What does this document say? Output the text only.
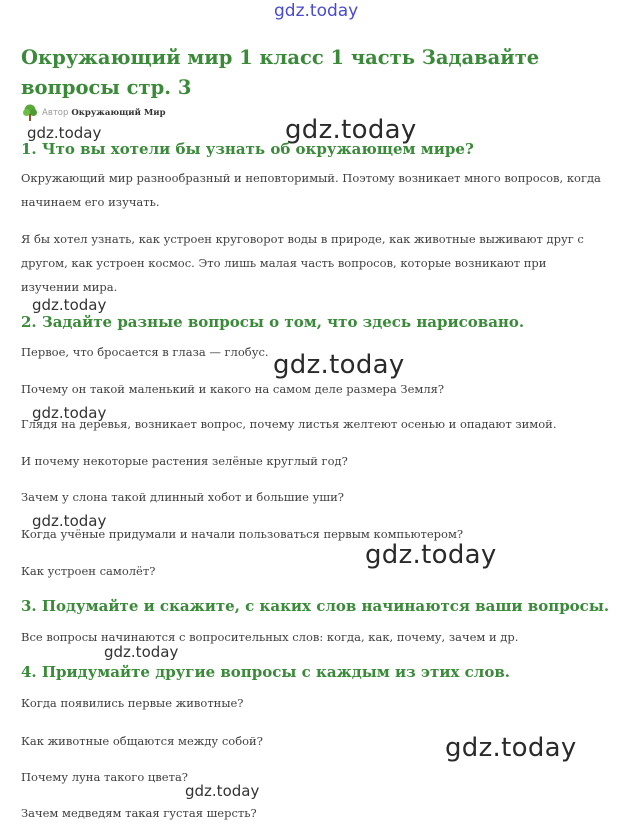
gdz.today
Окружающий мир 1 класс 1 часть Задавайте вопросы стр. 3
Автор Окружающий Мир
gdz.today	gdz.today
1. Что вы хотели бы узнать об окружающем мире?

Окружающий мир разнообразный и неповторимый. Поэтому возникает много вопросов, когда начинаем его изучать.

Я бы хотел узнать, как устроен круговорот воды в природе, как животные выживают друг с другом, как устроен космос. Это лишь малая часть вопросов, которые возникают при изучении мира.

gdz.today
2. Задайте разные вопросы о том, что здесь нарисовано.

Первое, что бросается в глаза — глобус. gdz.today

Почему он такой маленький и какого на самом деле размера Земля?

gdz.today

Глядя на деревья, возникает вопрос, почему листья желтеют осенью и опадают зимой.

И почему некоторые растения зелёные круглый год?

Зачем у слона такой длинный хобот и большие уши?

gdz.today

Когда учёные придумали и начали пользоваться первым компьютером?

gdz.today

Как устроен самолёт?

3. Подумайте и скажите, с каких слов начинаются ваши вопросы.

Все вопросы начинаются с вопросительных слов: когда, как, почему, зачем и др.

gdz.today
4. Придумайте другие вопросы с каждым из этих слов.

Когда появились первые животные?

Как животные общаются между собой?	gdz.today

Почему луна такого цвета?

gdz.today

Зачем медведям такая густая шерсть?
